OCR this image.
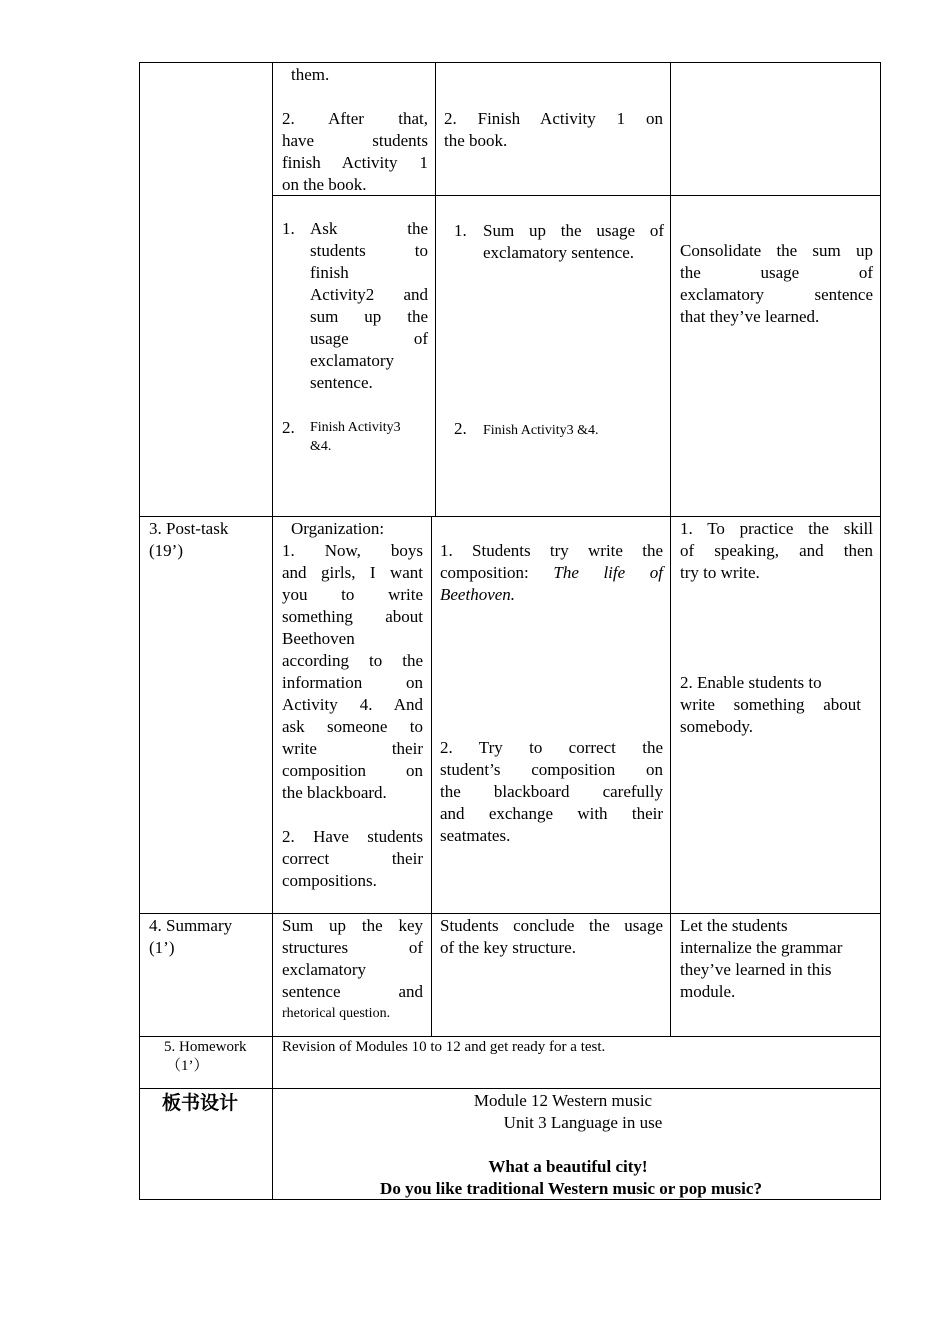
them.
2. After that,
have students
finish Activity 1
on the book.
2. Finish Activity 1 on
the book.
1. Ask the
students to
finish
Activity2 and
sum up the
usage of
exclamatory
sentence.
2. Finish Activity3
&4.
1. Sum up the usage of
exclamatory sentence.
2. Finish Activity3 &4.
Consolidate the sum up
the usage of
exclamatory sentence
that they’ve learned.
3. Post-task
(19’)
Organization:
1. Now, boys
and girls, I want
you to write
something about
Beethoven
according to the
information on
Activity 4. And
ask someone to
write their
composition on
the blackboard.
2. Have students
correct their
compositions.
1. Students try write the
composition: The life of
Beethoven.
2. Try to correct the
student’s composition on
the blackboard carefully
and exchange with their
seatmates.
1. To practice the skill
of speaking, and then
try to write.
2. Enable students to
write something about
somebody.
4. Summary
(1’)
Sum up the key
structures of
exclamatory
sentence and
rhetorical question.
Students conclude the usage
of the key structure.
Let the students
internalize the grammar
they’ve learned in this
module.
5. Homework
（1’）
Revision of Modules 10 to 12 and get ready for a test.
板书设计	Module 12 Western music
Unit 3 Language in use
What a beautiful city!
Do you like traditional Western music or pop music?
